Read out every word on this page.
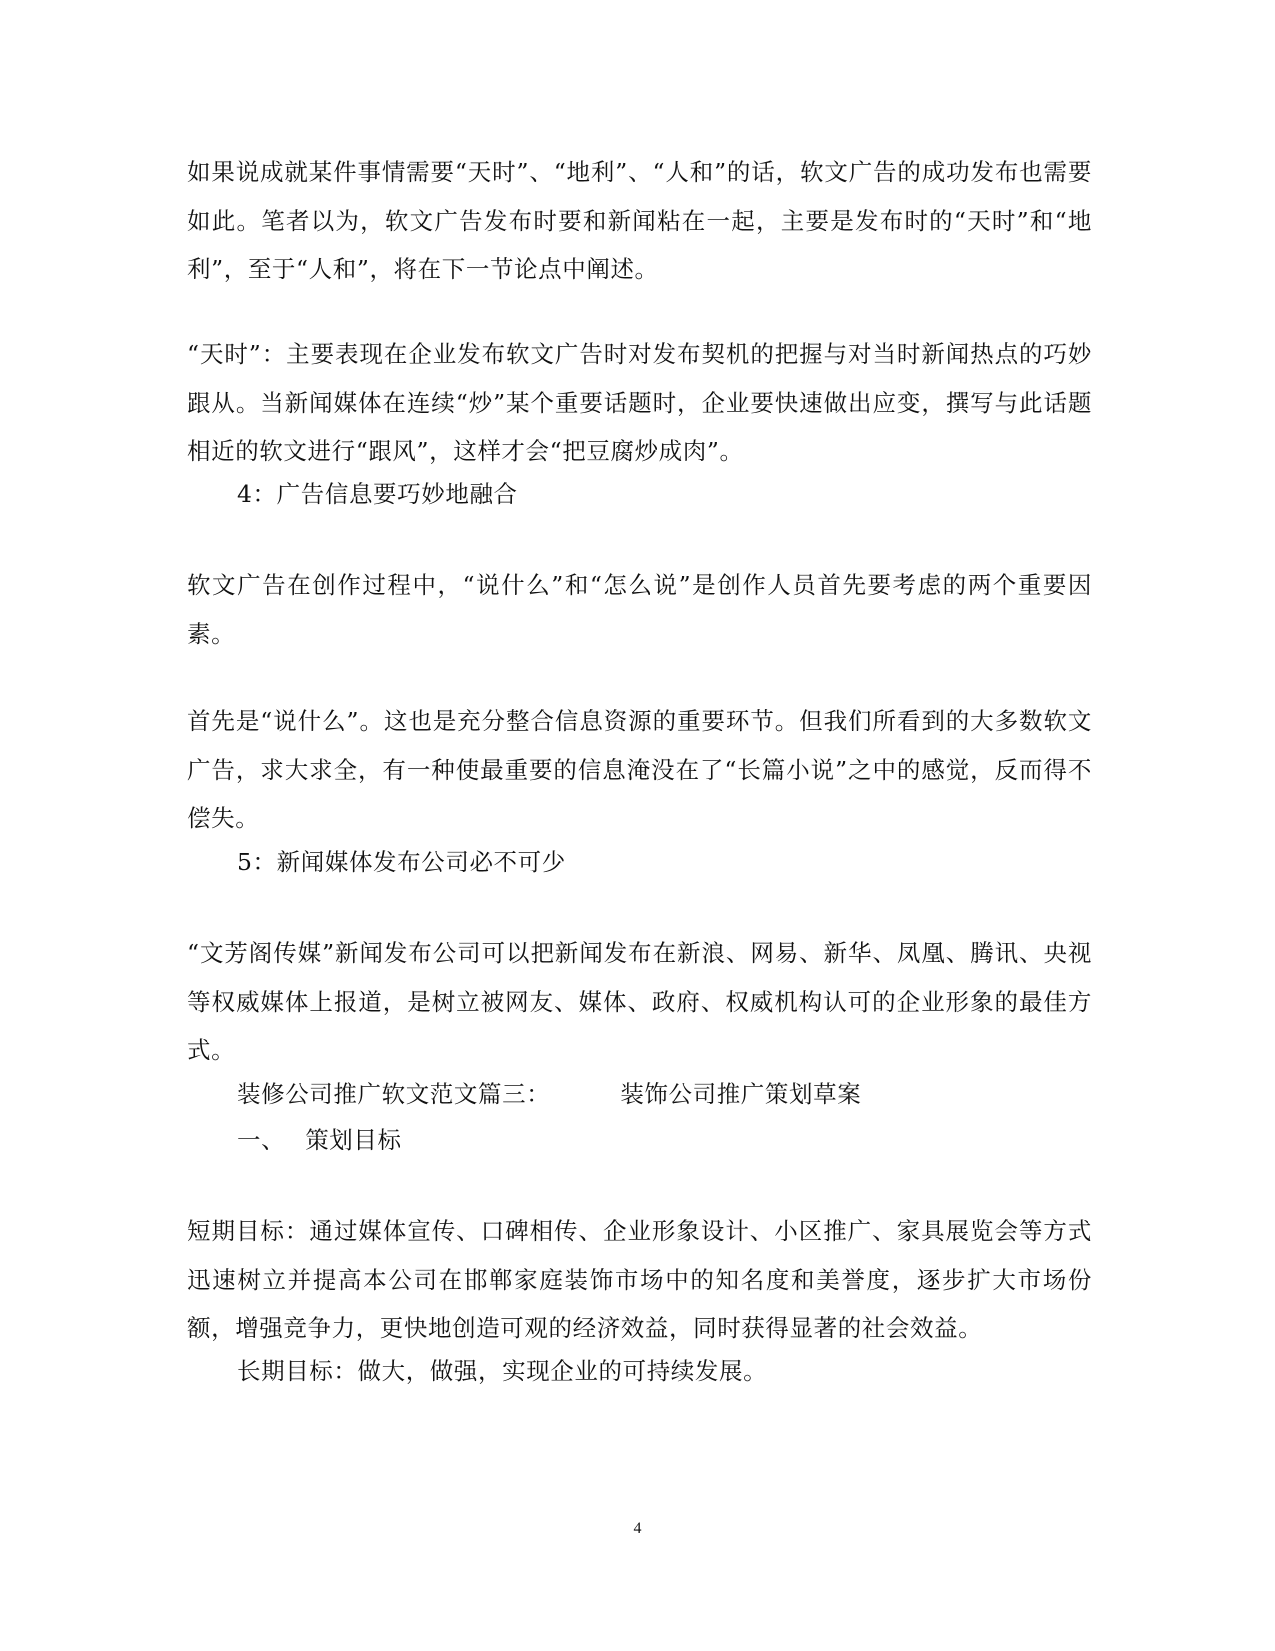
如果说成就某件事情需要“天时”、“地利”、“人和”的话，软文广告的成功发布也需要如此。笔者以为，软文广告发布时要和新闻粘在一起，主要是发布时的“天时”和“地利”，至于“人和”，将在下一节论点中阐述。

“天时”：主要表现在企业发布软文广告时对发布契机的把握与对当时新闻热点的巧妙跟从。当新闻媒体在连续“炒”某个重要话题时，企业要快速做出应变，撰写与此话题相近的软文进行“跟风”，这样才会“把豆腐炒成肉”。

4：广告信息要巧妙地融合

软文广告在创作过程中，“说什么”和“怎么说”是创作人员首先要考虑的两个重要因素。

首先是“说什么”。这也是充分整合信息资源的重要环节。但我们所看到的大多数软文广告，求大求全，有一种使最重要的信息淹没在了“长篇小说”之中的感觉，反而得不偿失。

5：新闻媒体发布公司必不可少

“文芳阁传媒”新闻发布公司可以把新闻发布在新浪、网易、新华、凤凰、腾讯、央视等权威媒体上报道，是树立被网友、媒体、政府、权威机构认可的企业形象的最佳方式。

装修公司推广软文范文篇三：	装饰公司推广策划草案

一、 策划目标

短期目标：通过媒体宣传、口碑相传、企业形象设计、小区推广、家具展览会等方式迅速树立并提高本公司在邯郸家庭装饰市场中的知名度和美誉度，逐步扩大市场份额，增强竞争力，更快地创造可观的经济效益，同时获得显著的社会效益。

长期目标：做大，做强，实现企业的可持续发展。

4
